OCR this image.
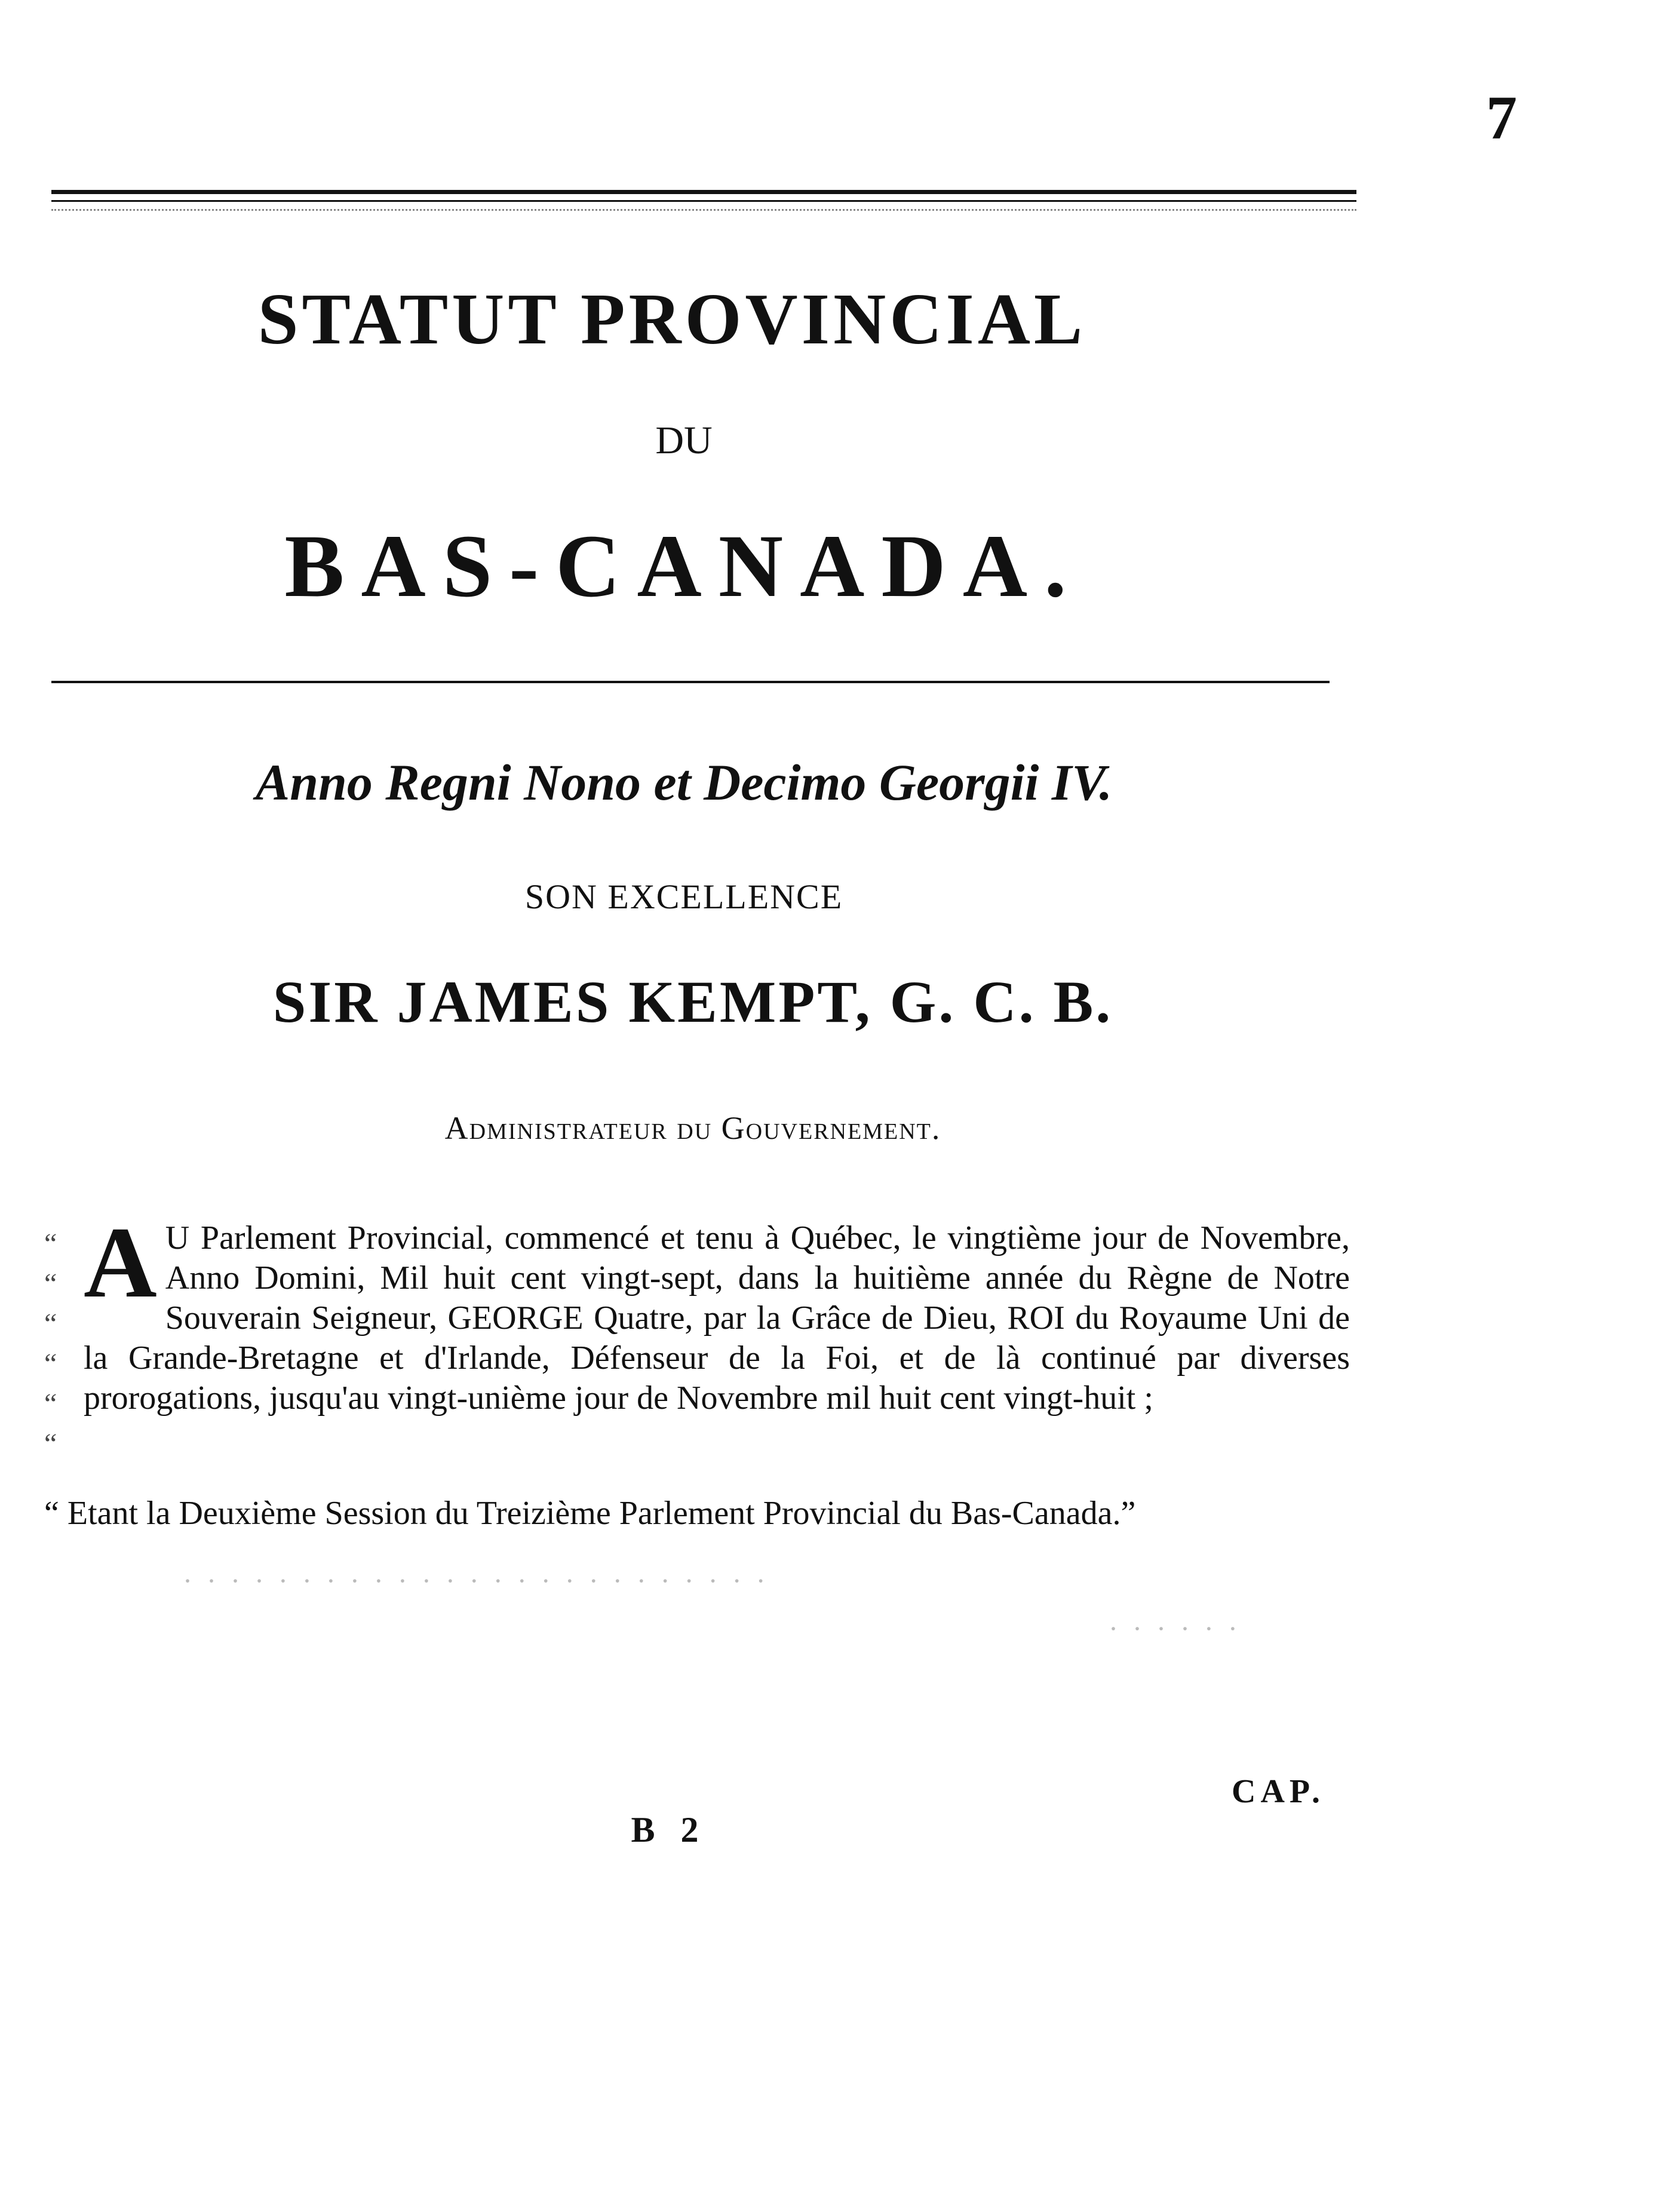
7
STATUT PROVINCIAL
DU
BAS-CANADA.
Anno Regni Nono et Decimo Georgii IV.
SON EXCELLENCE
SIR JAMES KEMPT, G. C. B.
Administrateur du Gouvernement.
“
“
“
“
“
“
A U Parlement Provincial, commencé et tenu à Québec, le vingtième jour de Novembre, Anno Domini, Mil huit cent vingt-sept, dans la huitième année du Règne de Notre Souverain Seigneur, GEORGE Quatre, par la Grâce de Dieu, ROI du Royaume Uni de la Grande-Bretagne et d'Irlande, Défenseur de la Foi, et de là continué par diverses prorogations, jusqu'au vingt-unième jour de Novembre mil huit cent vingt-huit ;
“ Etant la Deuxième Session du Treizième Parlement Provincial du Bas-Canada.”
· · · · · · · · · · · · · · · · · · · · · · · · ·
· · · · · ·
CAP.
B 2
